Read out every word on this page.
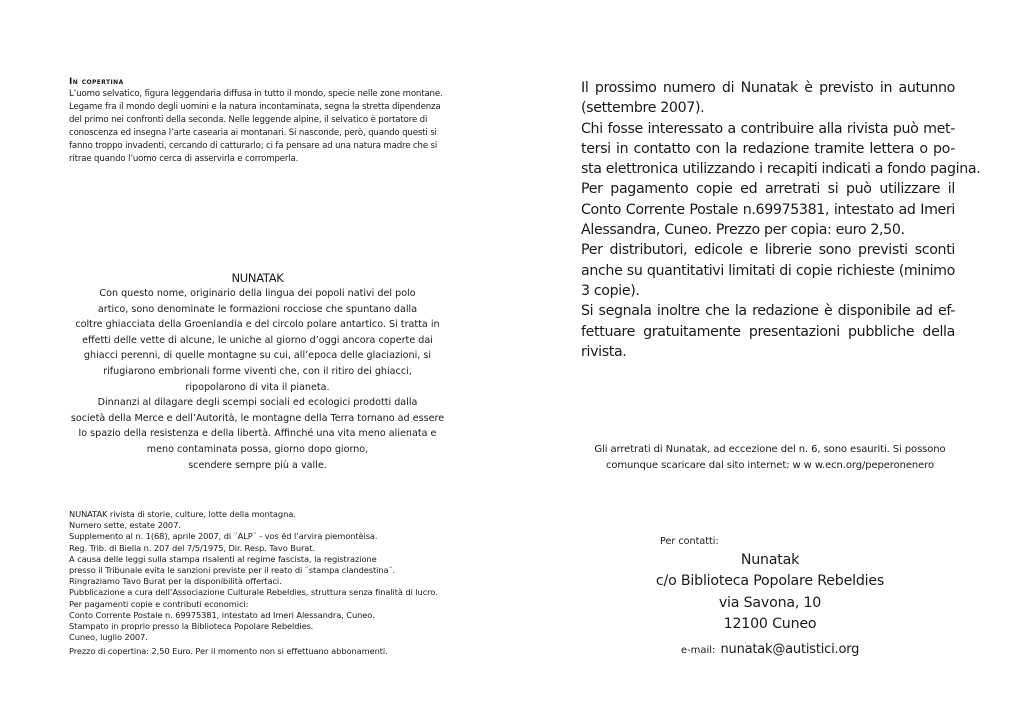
In copertina
L’uomo selvatico, figura leggendaria diffusa in tutto il mondo, specie nelle zone montane.
Legame fra il mondo degli uomini e la natura incontaminata, segna la stretta dipendenza
del primo nei confronti della seconda. Nelle leggende alpine, il selvatico è portatore di
conoscenza ed insegna l’arte casearia ai montanari. Si nasconde, però, quando questi si
fanno troppo invadenti, cercando di catturarlo; ci fa pensare ad una natura madre che si
ritrae quando l’uomo cerca di asservirla e corromperla.
NUNATAK
Con questo nome, originario della lingua dei popoli nativi del polo
artico, sono denominate le formazioni rocciose che spuntano dalla
coltre ghiacciata della Groenlandia e del circolo polare antartico. Si tratta in
effetti delle vette di alcune, le uniche al giorno d’oggi ancora coperte dai
ghiacci perenni, di quelle montagne su cui, all’epoca delle glaciazioni, si
rifugiarono embrionali forme viventi che, con il ritiro dei ghiacci,
ripopolarono di vita il pianeta.
Dinnanzi al dilagare degli scempi sociali ed ecologici prodotti dalla
società della Merce e dell’Autorità, le montagne della Terra tornano ad essere
lo spazio della resistenza e della libertà. Affinché una vita meno alienata e
meno contaminata possa, giorno dopo giorno,
scendere sempre più a valle.
NUNATAK rivista di storie, culture, lotte della montagna.
Numero sette, estate 2007.
Supplemento al n. 1(68), aprile 2007, di ¨ALP¨ - vos ëd l’arvira piemontèisa.
Reg. Trib. di Biella n. 207 del 7/5/1975, Dir. Resp. Tavo Burat.
A causa delle leggi sulla stampa risalenti al regime fascista, la registrazione
presso il Tribunale evita le sanzioni previste per il reato di ¨stampa clandestina¨.
Ringraziamo Tavo Burat per la disponibilità offertaci.
Pubblicazione a cura dell’Associazione Culturale Rebeldies, struttura senza finalità di lucro.
Per pagamenti copie e contributi economici:
Conto Corrente Postale n. 69975381, intestato ad Imeri Alessandra, Cuneo.
Stampato in proprio presso la Biblioteca Popolare Rebeldies.
Cuneo, luglio 2007.
Prezzo di copertina: 2,50 Euro. Per il momento non si effettuano abbonamenti.
Il prossimo numero di Nunatak è previsto in autunno
(settembre 2007).
Chi fosse interessato a contribuire alla rivista può met-
tersi in contatto con la redazione tramite lettera o po-
sta elettronica utilizzando i recapiti indicati a fondo pagina.
Per pagamento copie ed arretrati si può utilizzare il
Conto Corrente Postale n.69975381, intestato ad Imeri
Alessandra, Cuneo. Prezzo per copia: euro 2,50.
Per distributori, edicole e librerie sono previsti sconti
anche su quantitativi limitati di copie richieste (minimo
3 copie).
Si segnala inoltre che la redazione è disponibile ad ef-
fettuare gratuitamente presentazioni pubbliche della
rivista.
Gli arretrati di Nunatak, ad eccezione del n. 6, sono esauriti. Si possono
comunque scaricare dal sito internet: w w w.ecn.org/peperonenero
Per contatti:
Nunatak
c/o Biblioteca Popolare Rebeldies
via Savona, 10
12100 Cuneo
e-mail: nunatak@autistici.org
